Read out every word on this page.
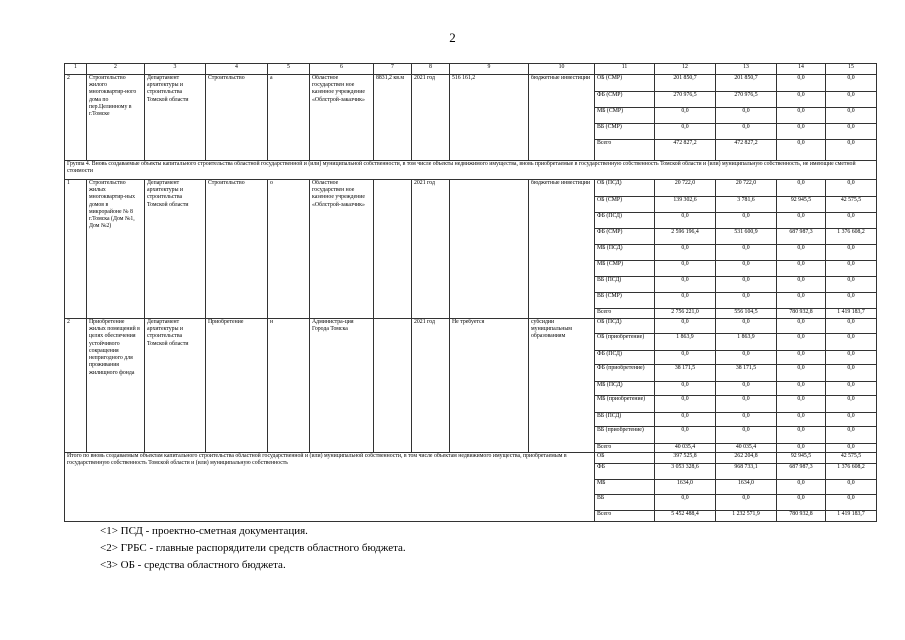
2
1	2	3	4	5	6	7	8	9	10	11	12	13	14	15
2	Строительство жилого многоквартир-ного дома по пер.Целинному в г.Томске	Департамент архитектуры и строительства Томской области	Строительство	а	Областное государствен ное казенное учреждение «Облстрой-заказчик»	8831,2 кв.м	2021 год	516 161,2	бюджетные инвестиции	ОБ (СМР)	201 850,7	201 850,7	0,0	0,0
										ФБ (СМР)	270 976,5	270 976,5	0,0	0,0
										МБ (СМР)	0,0	0,0	0,0	0,0
										ВБ (СМР)	0,0	0,0	0,0	0,0
										Всего	472 827,2	472 827,2	0,0	0,0
Группа 4. Вновь создаваемые объекты капитального строительства областной государственной и (или) муниципальной собственности, в том числе объекты недвижимого имущества, вновь приобретаемые в государственную собственность Томской области и (или) муниципальную собственность, не имеющие сметной стоимости														
1	Строительство жилых многоквартир-ных домов в микрорайоне № 8 г.Томска (Дом №1, Дом №2)	Департамент архитектуры и строительства Томской области	Строительство	о	Областное государствен ное казенное учреждение «Облстрой-заказчик»		2021 год		бюджетные инвестиции	ОБ (ПСД)	20 722,0	20 722,0	0,0	0,0
										ОБ (СМР)	139 302,6	3 781,6	92 945,5	42 575,5
										ФБ (ПСД)	0,0	0,0	0,0	0,0
										ФБ (СМР)	2 596 196,4	531 600,9	687 987,3	1 376 608,2
										МБ (ПСД)	0,0	0,0	0,0	0,0
										МБ (СМР)	0,0	0,0	0,0	0,0
										ВБ (ПСД)	0,0	0,0	0,0	0,0
										ВБ (СМР)	0,0	0,0	0,0	0,0
										Всего	2 756 221,0	556 104,5	780 932,8	1 419 183,7
2	Приобретение жилых помещений в целях обеспечения устойчивого сокращения непригодного для проживания жилищного фонда	Департамент архитектуры и строительства Томской области	Приобретение	н	Администра-ция Города Томска		2021 год	Не требуется	субсидии муниципальным образованиям	ОБ (ПСД)	0,0	0,0	0,0	0,0
										ОБ (приобретение)	1 863,9	1 863,9	0,0	0,0
										ФБ (ПСД)	0,0	0,0	0,0	0,0
										ФБ (приобретение)	38 171,5	38 171,5	0,0	0,0
										МБ (ПСД)	0,0	0,0	0,0	0,0
										МБ (приобретение)	0,0	0,0	0,0	0,0
										ВБ (ПСД)	0,0	0,0	0,0	0,0
										ВБ (приобретение)	0,0	0,0	0,0	0,0
										Всего	40 035,4	40 035,4	0,0	0,0
Итого по вновь создаваемым объектам капитального строительства областной государственной и (или) муниципальной собственности, в том числе объектам недвижимого имущества, приобретаемым в государственную собственность Томской области и (или) муниципальную собственность										ОБ	397 525,8	262 204,8	92 945,5	42 575,5
										ФБ	3 053 328,6	968 733,1	687 987,3	1 376 608,2
										МБ	1634,0	1634,0	0,0	0,0
										ВБ	0,0	0,0	0,0	0,0
										Всего	5 452 488,4	1 232 571,9	780 932,8	1 419 183,7
<1> ПСД - проектно-сметная документация.
<2> ГРБС - главные распорядители средств областного бюджета.
<3> ОБ - средства областного бюджета.
